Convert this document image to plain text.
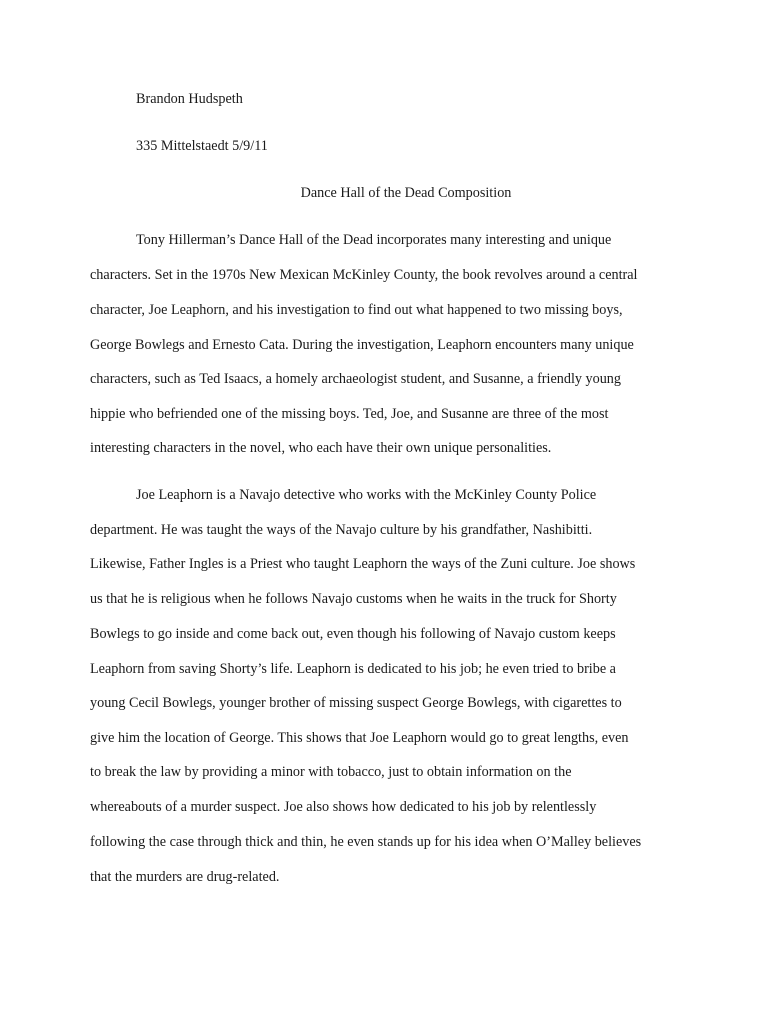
Brandon Hudspeth
335 Mittelstaedt 5/9/11
Dance Hall of the Dead Composition
Tony Hillerman’s Dance Hall of the Dead incorporates many interesting and unique
characters. Set in the 1970s New Mexican McKinley County, the book revolves around a central
character, Joe Leaphorn, and his investigation to find out what happened to two missing boys,
George Bowlegs and Ernesto Cata. During the investigation, Leaphorn encounters many unique
characters, such as Ted Isaacs, a homely archaeologist student, and Susanne, a friendly young
hippie who befriended one of the missing boys. Ted, Joe, and Susanne are three of the most
interesting characters in the novel, who each have their own unique personalities.
Joe Leaphorn is a Navajo detective who works with the McKinley County Police
department. He was taught the ways of the Navajo culture by his grandfather, Nashibitti.
Likewise, Father Ingles is a Priest who taught Leaphorn the ways of the Zuni culture. Joe shows
us that he is religious when he follows Navajo customs when he waits in the truck for Shorty
Bowlegs to go inside and come back out, even though his following of Navajo custom keeps
Leaphorn from saving Shorty’s life. Leaphorn is dedicated to his job; he even tried to bribe a
young Cecil Bowlegs, younger brother of missing suspect George Bowlegs, with cigarettes to
give him the location of George. This shows that Joe Leaphorn would go to great lengths, even
to break the law by providing a minor with tobacco, just to obtain information on the
whereabouts of a murder suspect. Joe also shows how dedicated to his job by relentlessly
following the case through thick and thin, he even stands up for his idea when O’Malley believes
that the murders are drug-related.
